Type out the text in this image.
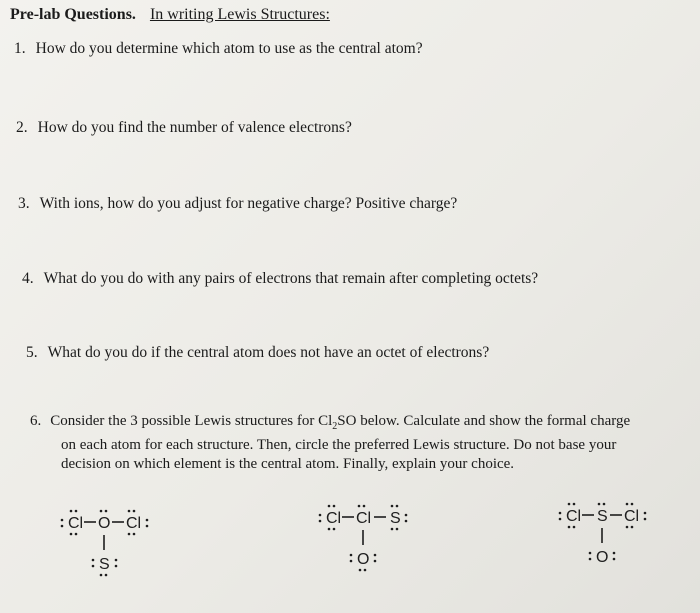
Pre-lab Questions. In writing Lewis Structures:
1. How do you determine which atom to use as the central atom?
2. How do you find the number of valence electrons?
3. With ions, how do you adjust for negative charge? Positive charge?
4. What do you do with any pairs of electrons that remain after completing octets?
5. What do you do if the central atom does not have an octet of electrons?
6. Consider the 3 possible Lewis structures for $Cl_2SO$ below. Calculate and show the formal charge
on each atom for each structure. Then, circle the preferred Lewis structure. Do not base your
decision on which element is the central atom. Finally, explain your choice.
Cl O Cl
S
Cl Cl S
O
Cl S Cl
O
